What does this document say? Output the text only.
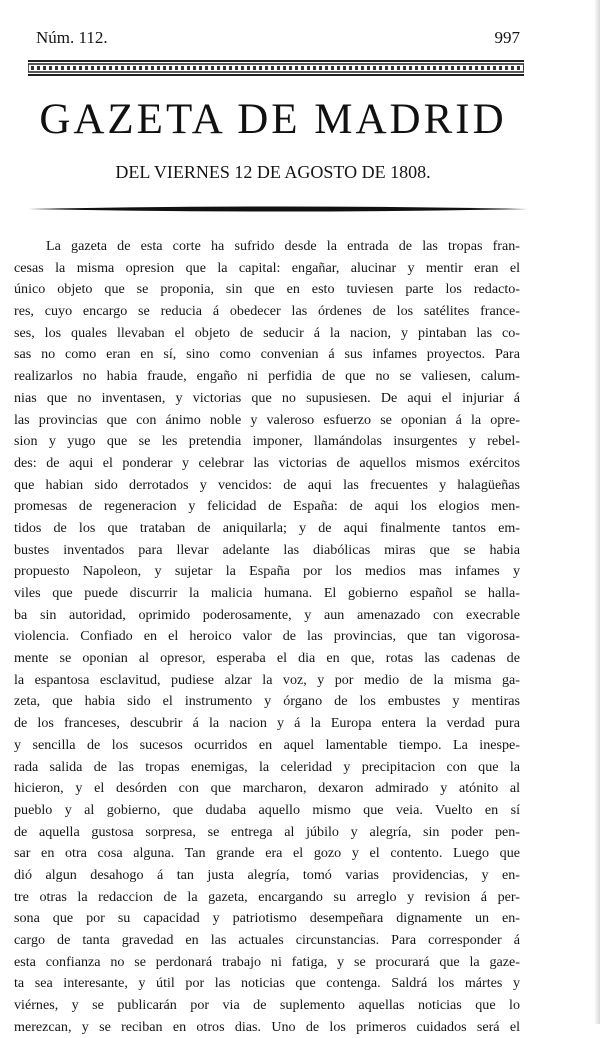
Núm. 112.	997
GAZETA DE MADRID
DEL VIERNES 12 DE AGOSTO DE 1808.
La gazeta de esta corte ha sufrido desde la entrada de las tropas fran-
cesas la misma opresion que la capital: engañar, alucinar y mentir eran el
único objeto que se proponia, sin que en esto tuviesen parte los redacto-
res, cuyo encargo se reducia á obedecer las órdenes de los satélites france-
ses, los quales llevaban el objeto de seducir á la nacion, y pintaban las co-
sas no como eran en sí, sino como convenian á sus infames proyectos. Para
realizarlos no habia fraude, engaño ni perfidia de que no se valiesen, calum-
nias que no inventasen, y victorias que no supusiesen. De aqui el injuriar á
las provincias que con ánimo noble y valeroso esfuerzo se oponian á la opre-
sion y yugo que se les pretendia imponer, llamándolas insurgentes y rebel-
des: de aqui el ponderar y celebrar las victorias de aquellos mismos exércitos
que habian sido derrotados y vencidos: de aqui las frecuentes y halagüeñas
promesas de regeneracion y felicidad de España: de aqui los elogios men-
tidos de los que trataban de aniquilarla; y de aqui finalmente tantos em-
bustes inventados para llevar adelante las diabólicas miras que se habia
propuesto Napoleon, y sujetar la España por los medios mas infames y
viles que puede discurrir la malicia humana. El gobierno español se halla-
ba sin autoridad, oprimido poderosamente, y aun amenazado con execrable
violencia. Confiado en el heroico valor de las provincias, que tan vigorosa-
mente se oponian al opresor, esperaba el dia en que, rotas las cadenas de
la espantosa esclavitud, pudiese alzar la voz, y por medio de la misma ga-
zeta, que habia sido el instrumento y órgano de los embustes y mentiras
de los franceses, descubrir á la nacion y á la Europa entera la verdad pura
y sencilla de los sucesos ocurridos en aquel lamentable tiempo. La inespe-
rada salida de las tropas enemigas, la celeridad y precipitacion con que la
hicieron, y el desórden con que marcharon, dexaron admirado y atónito al
pueblo y al gobierno, que dudaba aquello mismo que veia. Vuelto en sí
de aquella gustosa sorpresa, se entrega al júbilo y alegría, sin poder pen-
sar en otra cosa alguna. Tan grande era el gozo y el contento. Luego que
dió algun desahogo á tan justa alegría, tomó varias providencias, y en-
tre otras la redaccion de la gazeta, encargando su arreglo y revision á per-
sona que por su capacidad y patriotismo desempeñara dignamente un en-
cargo de tanta gravedad en las actuales circunstancias. Para corresponder á
esta confianza no se perdonará trabajo ni fatiga, y se procurará que la gaze-
ta sea interesante, y útil por las noticias que contenga. Saldrá los mártes y
viérnes, y se publicarán por via de suplemento aquellas noticias que lo
merezcan, y se reciban en otros dias. Uno de los primeros cuidados será el
